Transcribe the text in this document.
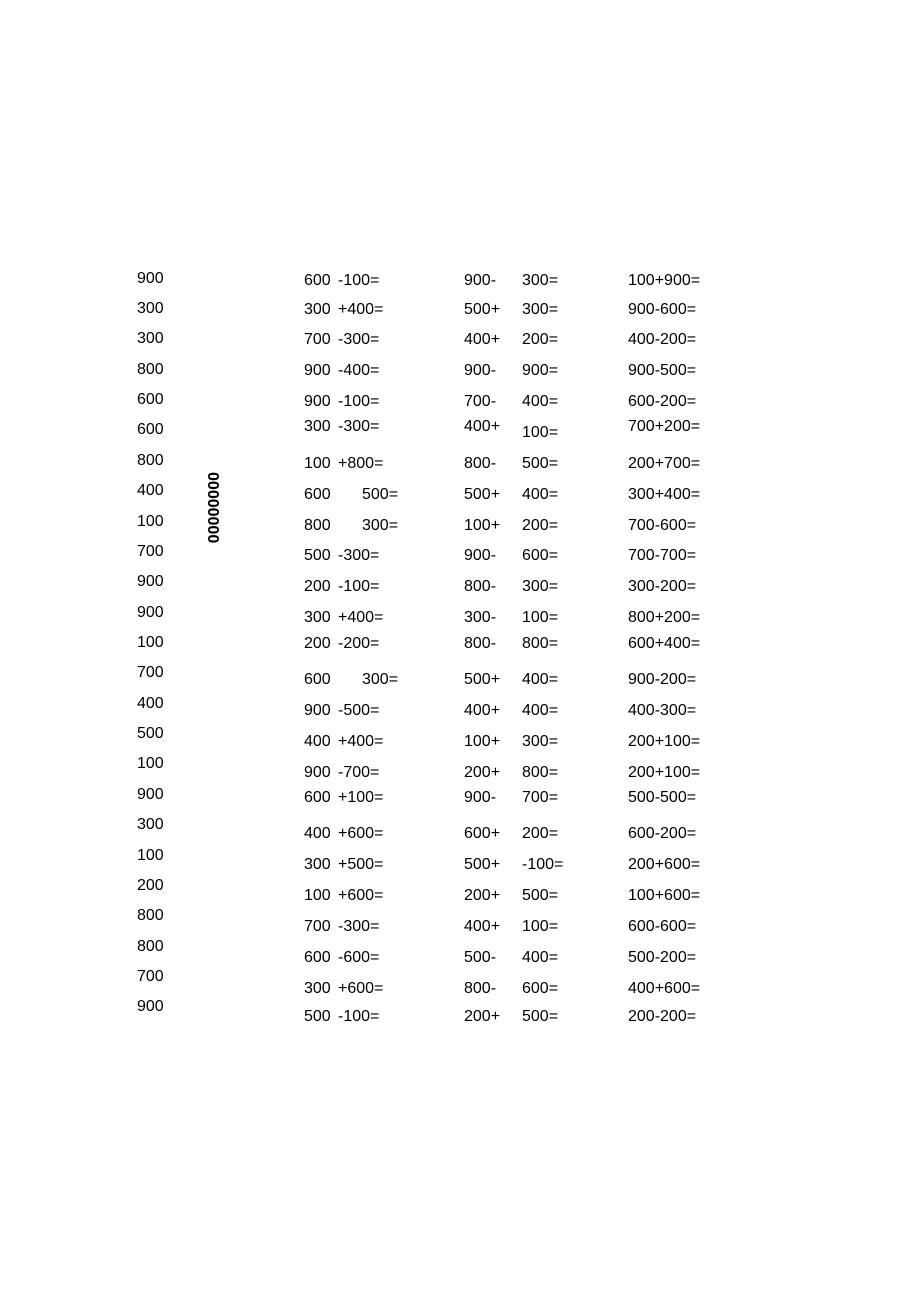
900
300
300
800
600
600
800
400
100
700
900
900
100
700
400
500
100
900
300
100
200
800
800
700
900
600 -100=	900- 300=	100+900=
300 +400=	500+ 300=	900-600=
700 -300=	400+ 200=	400-200=
900 -400=	900- 900=	900-500=
900 -100=	700- 400=	600-200=
300 -300=	400+ 100=	700+200=
100 +800=	800- 500=	200+700=
600 500=	500+ 400=	300+400=
800 300=	100+ 200=	700-600=
500 -300=	900- 600=	700-700=
200 -100=	800- 300=	300-200=
300 +400=	300- 100=	800+200=
200 -200=	800- 800=	600+400=
600 300=	500+ 400=	900-200=
900 -500=	400+ 400=	400-300=
400 +400=	100+ 300=	200+100=
900 -700=	200+ 800=	200+100=
600 +100=	900- 700=	500-500=
400 +600=	600+ 200=	600-200=
300 +500=	500+ -100=	200+600=
100 +600=	200+ 500=	100+600=
700 -300=	400+ 100=	600-600=
600 -600=	500- 400=	500-200=
300 +600=	800- 600=	400+600=
500 -100=	200+ 500=	200-200=
00000000
